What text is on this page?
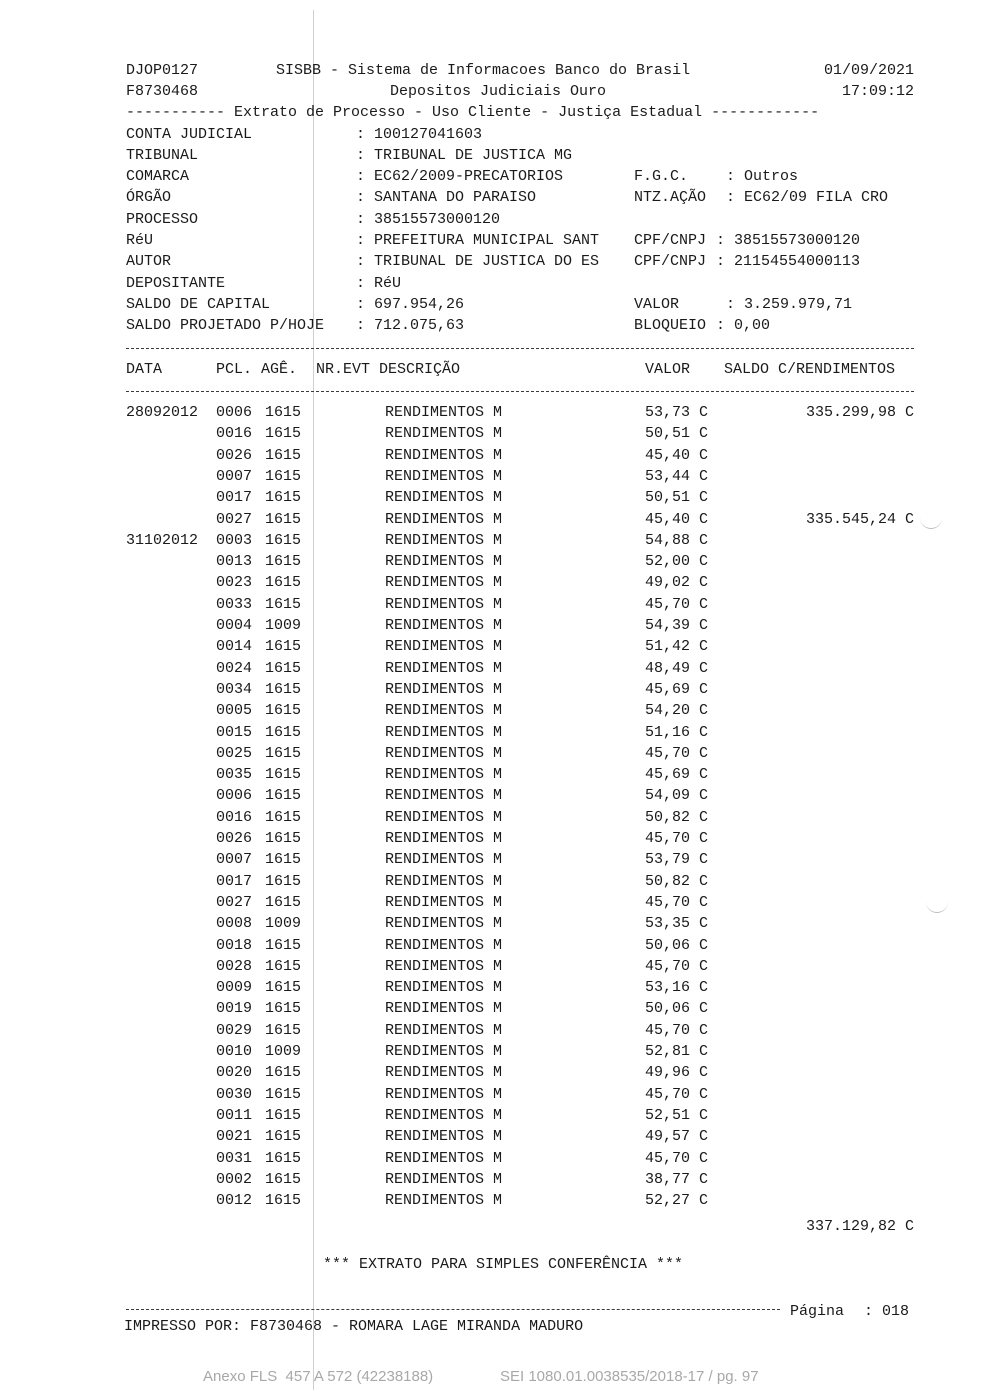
DJOP0127	SISBB - Sistema de Informacoes Banco do Brasil	01/09/2021
F8730468	Depositos Judiciais Ouro	17:09:12
----------- Extrato de Processo - Uso Cliente - Justiça Estadual ------------
CONTA JUDICIAL	: 100127041603
TRIBUNAL	: TRIBUNAL DE JUSTICA MG
COMARCA	: EC62/2009-PRECATORIOS	F.G.C.	: Outros
ÓRGÃO	: SANTANA DO PARAISO	NTZ.AÇÃO : EC62/09 FILA CRO
PROCESSO	: 38515573000120
RéU	: PREFEITURA MUNICIPAL SANT CPF/CNPJ : 38515573000120
AUTOR	: TRIBUNAL DE JUSTICA DO ES CPF/CNPJ : 21154554000113
DEPOSITANTE	: RéU
SALDO DE CAPITAL	: 697.954,26	VALOR	: 3.259.979,71
SALDO PROJETADO P/HOJE : 712.075,63	BLOQUEIO : 0,00
DATA	PCL. AGÊ. NR.EVT DESCRIÇÃO	VALOR SALDO C/RENDIMENTOS
28092012 0006 1615	RENDIMENTOS M	53,73 C	335.299,98 C
0016 1615	RENDIMENTOS M	50,51 C
0026 1615	RENDIMENTOS M	45,40 C
0007 1615	RENDIMENTOS M	53,44 C
0017 1615	RENDIMENTOS M	50,51 C
0027 1615	RENDIMENTOS M	45,40 C	335.545,24 C
31102012 0003 1615	RENDIMENTOS M	54,88 C
0013 1615	RENDIMENTOS M	52,00 C
0023 1615	RENDIMENTOS M	49,02 C
0033 1615	RENDIMENTOS M	45,70 C
0004 1009	RENDIMENTOS M	54,39 C
0014 1615	RENDIMENTOS M	51,42 C
0024 1615	RENDIMENTOS M	48,49 C
0034 1615	RENDIMENTOS M	45,69 C
0005 1615	RENDIMENTOS M	54,20 C
0015 1615	RENDIMENTOS M	51,16 C
0025 1615	RENDIMENTOS M	45,70 C
0035 1615	RENDIMENTOS M	45,69 C
0006 1615	RENDIMENTOS M	54,09 C
0016 1615	RENDIMENTOS M	50,82 C
0026 1615	RENDIMENTOS M	45,70 C
0007 1615	RENDIMENTOS M	53,79 C
0017 1615	RENDIMENTOS M	50,82 C
0027 1615	RENDIMENTOS M	45,70 C
0008 1009	RENDIMENTOS M	53,35 C
0018 1615	RENDIMENTOS M	50,06 C
0028 1615	RENDIMENTOS M	45,70 C
0009 1615	RENDIMENTOS M	53,16 C
0019 1615	RENDIMENTOS M	50,06 C
0029 1615	RENDIMENTOS M	45,70 C
0010 1009	RENDIMENTOS M	52,81 C
0020 1615	RENDIMENTOS M	49,96 C
0030 1615	RENDIMENTOS M	45,70 C
0011 1615	RENDIMENTOS M	52,51 C
0021 1615	RENDIMENTOS M	49,57 C
0031 1615	RENDIMENTOS M	45,70 C
0002 1615	RENDIMENTOS M	38,77 C
0012 1615	RENDIMENTOS M	52,27 C
337.129,82 C
*** EXTRATO PARA SIMPLES CONFERÊNCIA ***
Página : 018
IMPRESSO POR: F8730468 - ROMARA LAGE MIRANDA MADURO
Anexo FLS  457 A 572 (42238188)	SEI 1080.01.0038535/2018-17 / pg. 97
